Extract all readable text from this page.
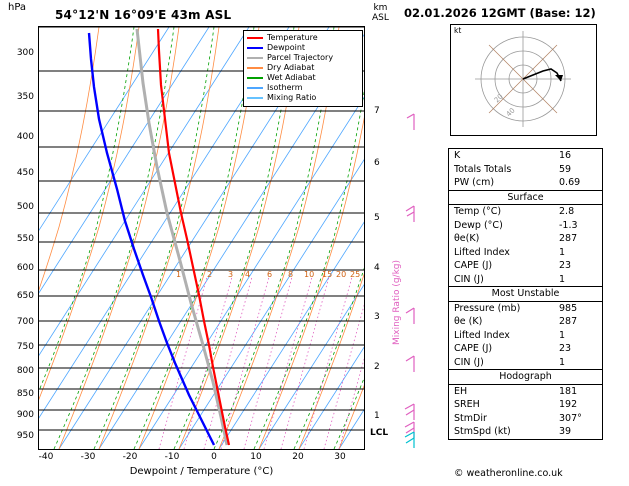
hPa
54°12'N 16°09'E 43m ASL	km
ASL
300
350
400
450
500
550
600
650
700
750
800
850
900
950
-40	-30	-20	-10	0	10	20	30
Dewpoint / Temperature (°C)
1
2
3
4
5
6
7
Temperature
Dewpoint
Parcel Trajectory
Dry Adiabat
Wet Adiabat
Isotherm
Mixing Ratio
1	2 3 4 6 8 10 15 20 25	Mixing Ratio (g/kg)
LCL
02.01.2026 12GMT (Base: 12)
kt
20
40
K	16
Totals Totals	59
PW (cm)	0.69
Surface
Temp (°C)	2.8
Dewp (°C)	-1.3
θe(K)	287
Lifted Index	1
CAPE (J)	23
CIN (J)	1
Most Unstable
Pressure (mb)	985
θe (K)	287
Lifted Index	1
CAPE (J)	23
CIN (J)	1
Hodograph
EH	181
SREH	192
StmDir	307°
StmSpd (kt)	39
© weatheronline.co.uk
